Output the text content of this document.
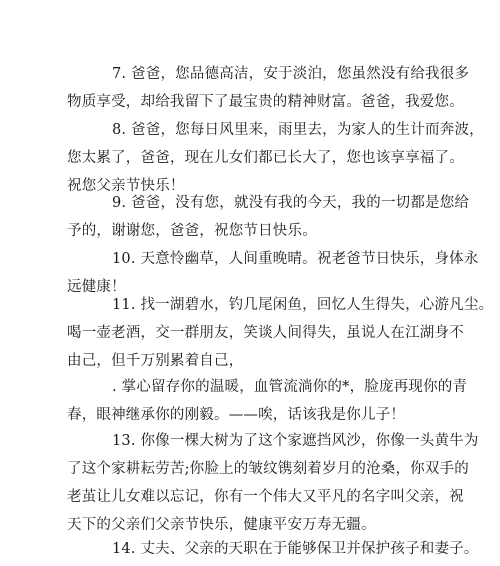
7. 爸爸，您品德高洁，安于淡泊，您虽然没有给我很多
物质享受，却给我留下了最宝贵的精神财富。爸爸，我爱您。
8. 爸爸，您每日风里来，雨里去，为家人的生计而奔波，
您太累了，爸爸，现在儿女们都已长大了，您也该享享福了。
祝您父亲节快乐！
9. 爸爸，没有您，就没有我的今天，我的一切都是您给
予的，谢谢您，爸爸，祝您节日快乐。
10. 天意怜幽草，人间重晚晴。祝老爸节日快乐，身体永
远健康！
11. 找一湖碧水，钓几尾闲鱼，回忆人生得失，心游凡尘。
喝一壶老酒，交一群朋友，笑谈人间得失，虽说人在江湖身不
由己，但千万别累着自己，
. 掌心留存你的温暖，血管流淌你的*，脸庞再现你的青
春，眼神继承你的刚毅。——唉，话该我是你儿子！
13. 你像一棵大树为了这个家遮挡风沙，你像一头黄牛为
了这个家耕耘劳苦;你脸上的皱纹镌刻着岁月的沧桑，你双手的
老茧让儿女难以忘记，你有一个伟大又平凡的名字叫父亲，祝
天下的父亲们父亲节快乐，健康平安万寿无疆。
14. 丈夫、父亲的天职在于能够保卫并保护孩子和妻子。
